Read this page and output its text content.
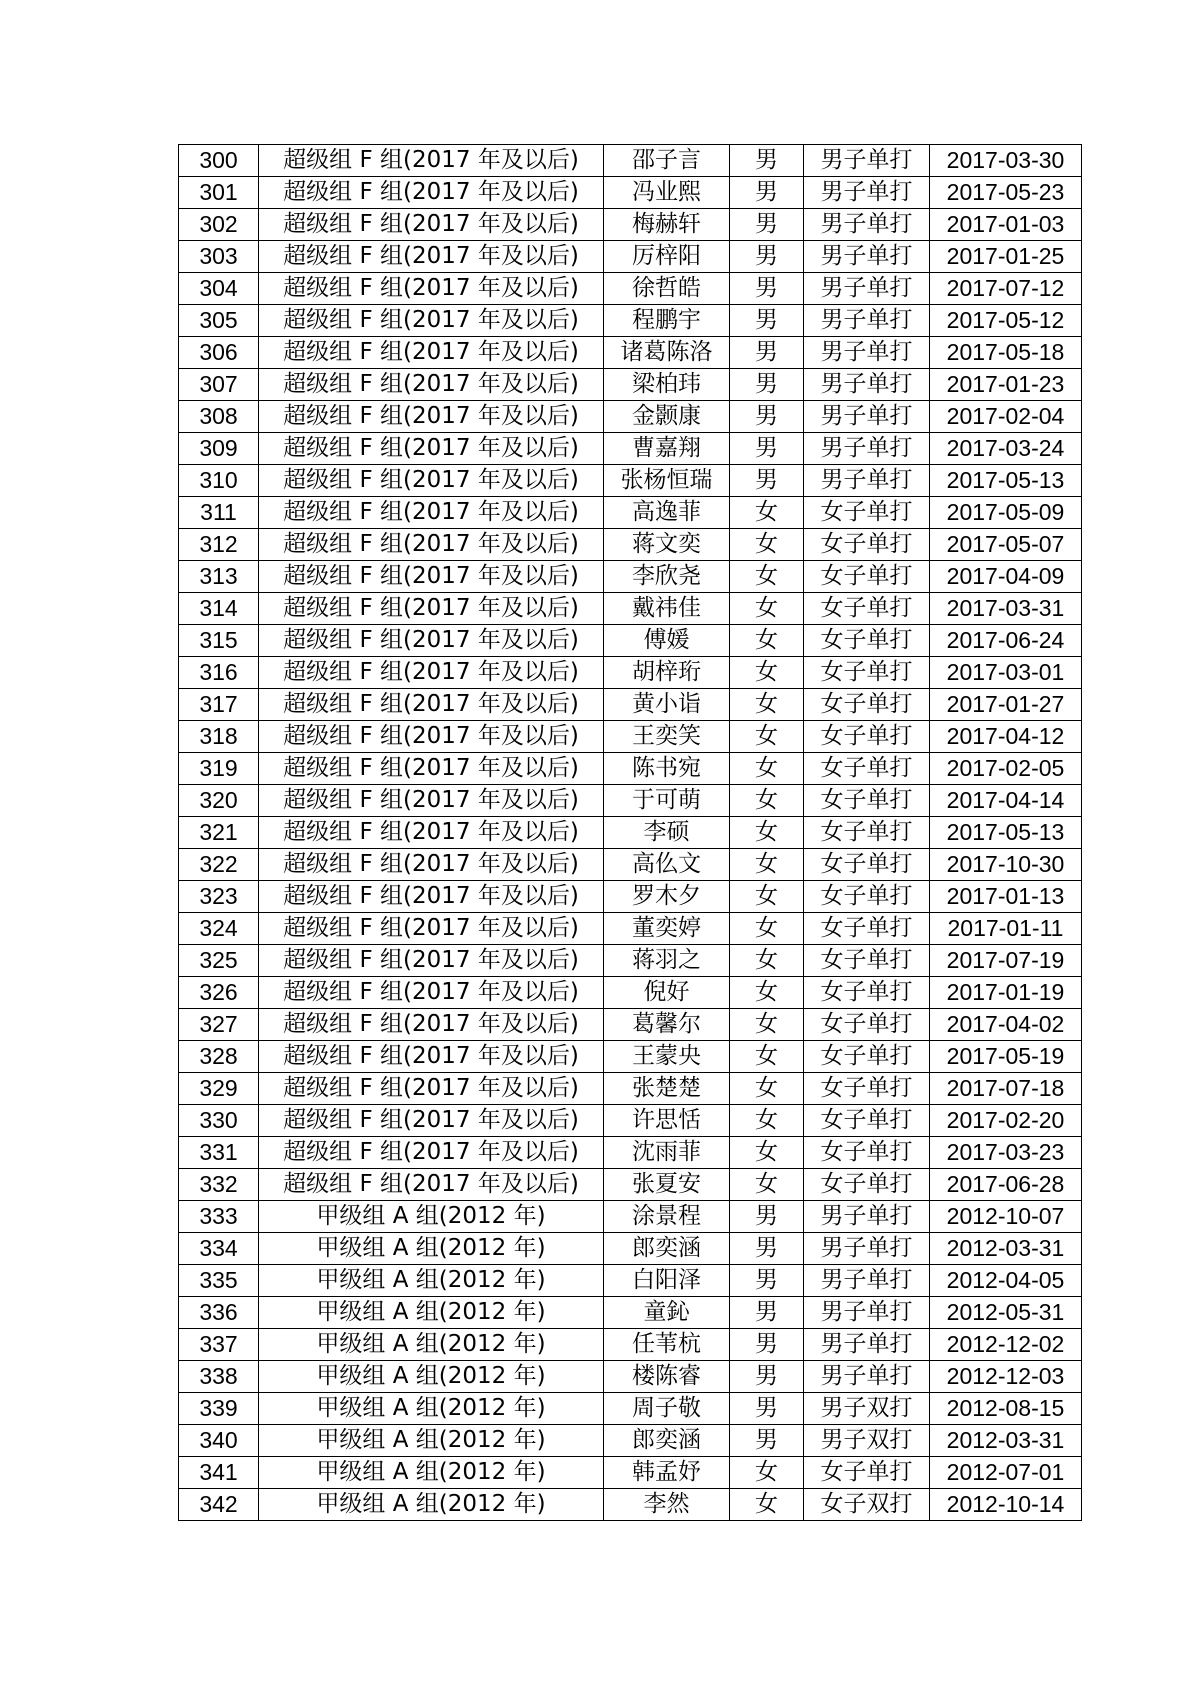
300	超级组 F 组(2017 年及以后)	邵子言	男	男子单打	2017-03-30
301	超级组 F 组(2017 年及以后)	冯业熙	男	男子单打	2017-05-23
302	超级组 F 组(2017 年及以后)	梅赫轩	男	男子单打	2017-01-03
303	超级组 F 组(2017 年及以后)	厉梓阳	男	男子单打	2017-01-25
304	超级组 F 组(2017 年及以后)	徐哲皓	男	男子单打	2017-07-12
305	超级组 F 组(2017 年及以后)	程鹏宇	男	男子单打	2017-05-12
306	超级组 F 组(2017 年及以后)	诸葛陈洛	男	男子单打	2017-05-18
307	超级组 F 组(2017 年及以后)	梁柏玮	男	男子单打	2017-01-23
308	超级组 F 组(2017 年及以后)	金颢康	男	男子单打	2017-02-04
309	超级组 F 组(2017 年及以后)	曹嘉翔	男	男子单打	2017-03-24
310	超级组 F 组(2017 年及以后)	张杨恒瑞	男	男子单打	2017-05-13
311	超级组 F 组(2017 年及以后)	高逸菲	女	女子单打	2017-05-09
312	超级组 F 组(2017 年及以后)	蒋文奕	女	女子单打	2017-05-07
313	超级组 F 组(2017 年及以后)	李欣尧	女	女子单打	2017-04-09
314	超级组 F 组(2017 年及以后)	戴祎佳	女	女子单打	2017-03-31
315	超级组 F 组(2017 年及以后)	傅媛	女	女子单打	2017-06-24
316	超级组 F 组(2017 年及以后)	胡梓珩	女	女子单打	2017-03-01
317	超级组 F 组(2017 年及以后)	黄小诣	女	女子单打	2017-01-27
318	超级组 F 组(2017 年及以后)	王奕笑	女	女子单打	2017-04-12
319	超级组 F 组(2017 年及以后)	陈书宛	女	女子单打	2017-02-05
320	超级组 F 组(2017 年及以后)	于可萌	女	女子单打	2017-04-14
321	超级组 F 组(2017 年及以后)	李硕	女	女子单打	2017-05-13
322	超级组 F 组(2017 年及以后)	高仫文	女	女子单打	2017-10-30
323	超级组 F 组(2017 年及以后)	罗木夕	女	女子单打	2017-01-13
324	超级组 F 组(2017 年及以后)	董奕婷	女	女子单打	2017-01-11
325	超级组 F 组(2017 年及以后)	蒋羽之	女	女子单打	2017-07-19
326	超级组 F 组(2017 年及以后)	倪好	女	女子单打	2017-01-19
327	超级组 F 组(2017 年及以后)	葛馨尔	女	女子单打	2017-04-02
328	超级组 F 组(2017 年及以后)	王蒙央	女	女子单打	2017-05-19
329	超级组 F 组(2017 年及以后)	张楚楚	女	女子单打	2017-07-18
330	超级组 F 组(2017 年及以后)	许思恬	女	女子单打	2017-02-20
331	超级组 F 组(2017 年及以后)	沈雨菲	女	女子单打	2017-03-23
332	超级组 F 组(2017 年及以后)	张夏安	女	女子单打	2017-06-28
333	甲级组 A 组(2012 年)	涂景程	男	男子单打	2012-10-07
334	甲级组 A 组(2012 年)	郎奕涵	男	男子单打	2012-03-31
335	甲级组 A 组(2012 年)	白阳泽	男	男子单打	2012-04-05
336	甲级组 A 组(2012 年)	童鈊	男	男子单打	2012-05-31
337	甲级组 A 组(2012 年)	任苇杭	男	男子单打	2012-12-02
338	甲级组 A 组(2012 年)	楼陈睿	男	男子单打	2012-12-03
339	甲级组 A 组(2012 年)	周子敬	男	男子双打	2012-08-15
340	甲级组 A 组(2012 年)	郎奕涵	男	男子双打	2012-03-31
341	甲级组 A 组(2012 年)	韩孟妤	女	女子单打	2012-07-01
342	甲级组 A 组(2012 年)	李然	女	女子双打	2012-10-14
